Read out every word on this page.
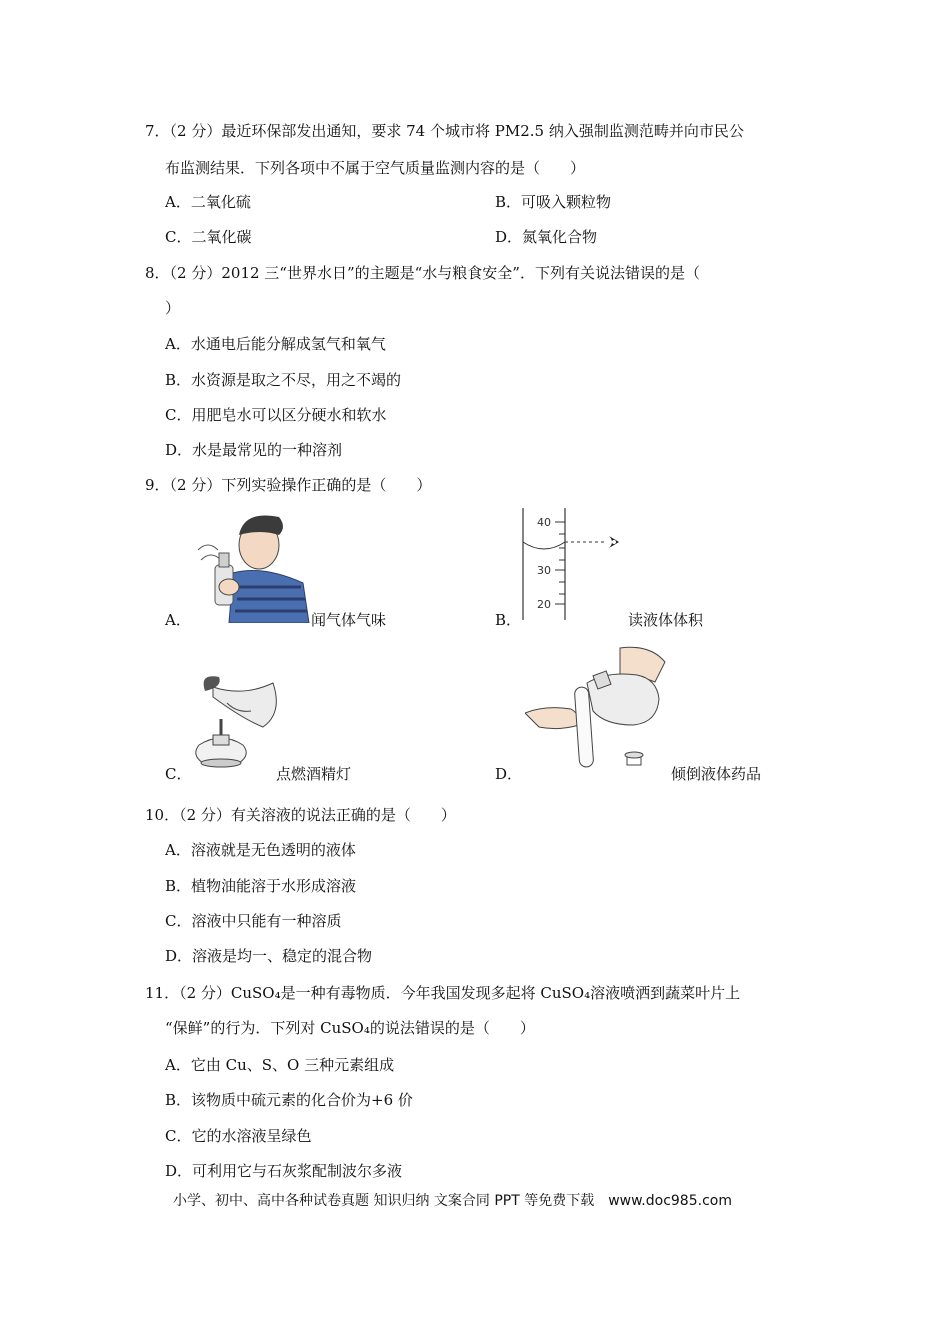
7．（2 分）最近环保部发出通知，要求 74 个城市将 PM2.5 纳入强制监测范畴并向市民公
布监测结果．下列各项中不属于空气质量监测内容的是（　　）
A．二氧化硫	B．可吸入颗粒物
C．二氧化碳	D．氮氧化合物
8．（2 分）2012 三“世界水日”的主题是“水与粮食安全”．下列有关说法错误的是（
）
A．水通电后能分解成氢气和氧气
B．水资源是取之不尽，用之不竭的
C．用肥皂水可以区分硬水和软水
D．水是最常见的一种溶剂
9．（2 分）下列实验操作正确的是（　　）
A．	闻气体气味
40
30
20
B．	读液体体积
C．	点燃酒精灯	D．	倾倒液体药品
10．（2 分）有关溶液的说法正确的是（　　）
A．溶液就是无色透明的液体
B．植物油能溶于水形成溶液
C．溶液中只能有一种溶质
D．溶液是均一、稳定的混合物
11．（2 分）CuSO₄是一种有毒物质．今年我国发现多起将 CuSO₄溶液喷洒到蔬菜叶片上
“保鲜”的行为．下列对 CuSO₄的说法错误的是（　　）
A．它由 Cu、S、O 三种元素组成
B．该物质中硫元素的化合价为+6 价
C．它的水溶液呈绿色
D．可利用它与石灰浆配制波尔多液
小学、初中、高中各种试卷真题 知识归纳 文案合同 PPT 等免费下载　www.doc985.com
